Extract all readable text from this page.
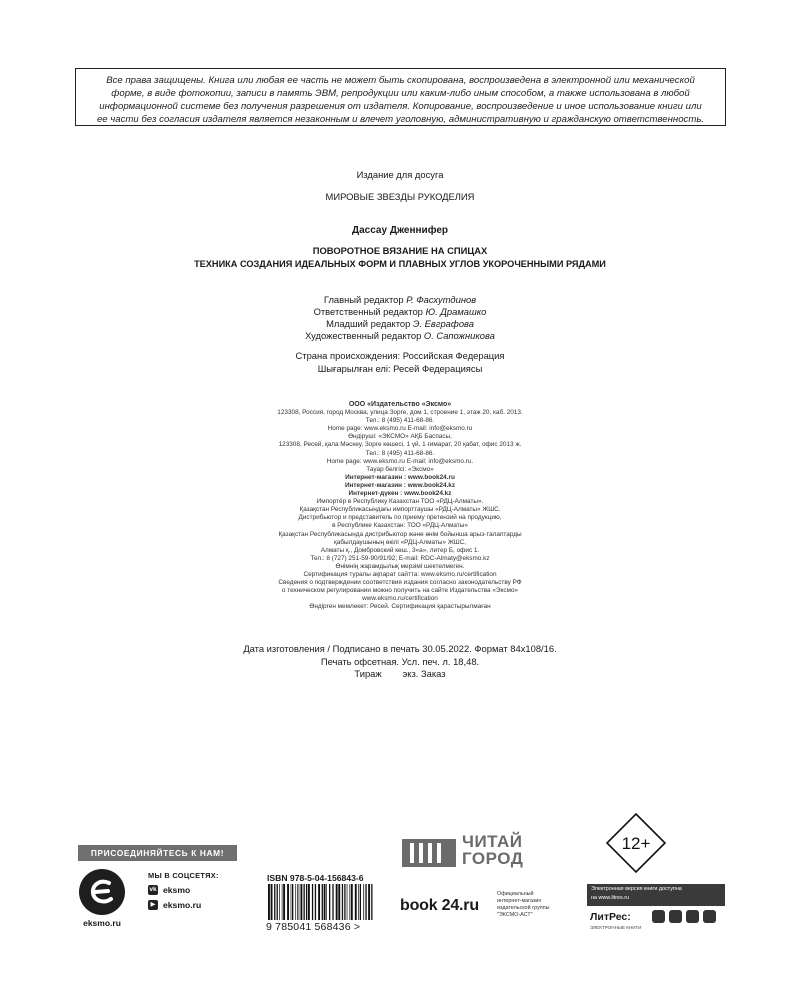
Все права защищены. Книга или любая ее часть не может быть скопирована, воспроизведена в электронной или механической

форме, в виде фотокопии, записи в память ЭВМ, репродукции или каким-либо иным способом, а также использована в любой

информационной системе без получения разрешения от издателя. Копирование, воспроизведение и иное использование книги или

ее части без согласия издателя является незаконным и влечет уголовную, административную и гражданскую ответственность.

Издание для досуга
МИРОВЫЕ ЗВЕЗДЫ РУКОДЕЛИЯ
Дассау Дженнифер
ПОВОРОТНОЕ ВЯЗАНИЕ НА СПИЦАХ
ТЕХНИКА СОЗДАНИЯ ИДЕАЛЬНЫХ ФОРМ И ПЛАВНЫХ УГЛОВ УКОРОЧЕННЫМИ РЯДАМИ
Главный редактор Р. Фасхутдинов
Ответственный редактор Ю. Драмашко
Младший редактор Э. Евграфова
Художественный редактор О. Сапожникова
Страна происхождения: Российская Федерация
Шығарылған елі: Ресей Федерациясы
ООО «Издательство «Эксмо»
123308, Россия, город Москва, улица Зорге, дом 1, строение 1, этаж 20, каб. 2013.
Тел.: 8 (495) 411-68-86.
Home page: www.eksmo.ru E-mail: info@eksmo.ru
Өндіруші: «ЭКСМО» АҚБ Баспасы,
123308, Ресей, қала Мәскеу, Зорге көшесі, 1 үй, 1 ғимарат, 20 қабат, офис 2013 ж.
Тел.: 8 (495) 411-68-86.
Home page: www.eksmo.ru E-mail: info@eksmo.ru.
Тауар белгісі: «Эксмо»
Интернет-магазин : www.book24.ru
Интернет-магазин : www.book24.kz
Интернет-дүкен : www.book24.kz
Импортёр в Республику Казахстан ТОО «РДЦ-Алматы».
Қазақстан Республикасындағы импорттаушы «РДЦ-Алматы» ЖШС.
Дистрибьютор и представитель по приему претензий на продукцию,
в Республике Казахстан: ТОО «РДЦ-Алматы»
Қазақстан Республикасында дистрибьютор және өнім бойынша арыз-талаптарды
қабылдаушының өкілі «РДЦ-Алматы» ЖШС,
Алматы қ., Домбровский көш., 3«а», литер Б, офис 1.
Тел.: 8 (727) 251-59-90/91/92; E-mail: RDC-Almaty@eksmo.kz
Өнімнің жарамдылық мерзімі шектелмеген.
Сертификация туралы ақпарат сайтта: www.eksmo.ru/certification
Сведения о подтверждении соответствия издания согласно законодательству РФ
о техническом регулировании можно получить на сайте Издательства «Эксмо»
www.eksmo.ru/certification
Өндірген мемлекет: Ресей. Сертификация қарастырылмаған
Дата изготовления / Подписано в печать 30.05.2022. Формат 84x108/16.
Печать офсетная. Усл. печ. л. 18,48.
Тираж        экз. Заказ
ПРИСОЕДИНЯЙТЕСЬ К НАМ!
eksmo.ru
МЫ В СОЦСЕТЯХ:
vk eksmo
▶ eksmo.ru
ISBN 978-5-04-156843-6
9 785041 568436 >
ЧИТАЙ
ГОРОД
book 24.ru
Официальный
интернет-магазин
издательской группы
"ЭКСМО-АСТ"
12+
Электронная версия книги доступна
на www.litres.ru
ЛитРес:
ЭЛЕКТРОННЫЕ КНИГИ
